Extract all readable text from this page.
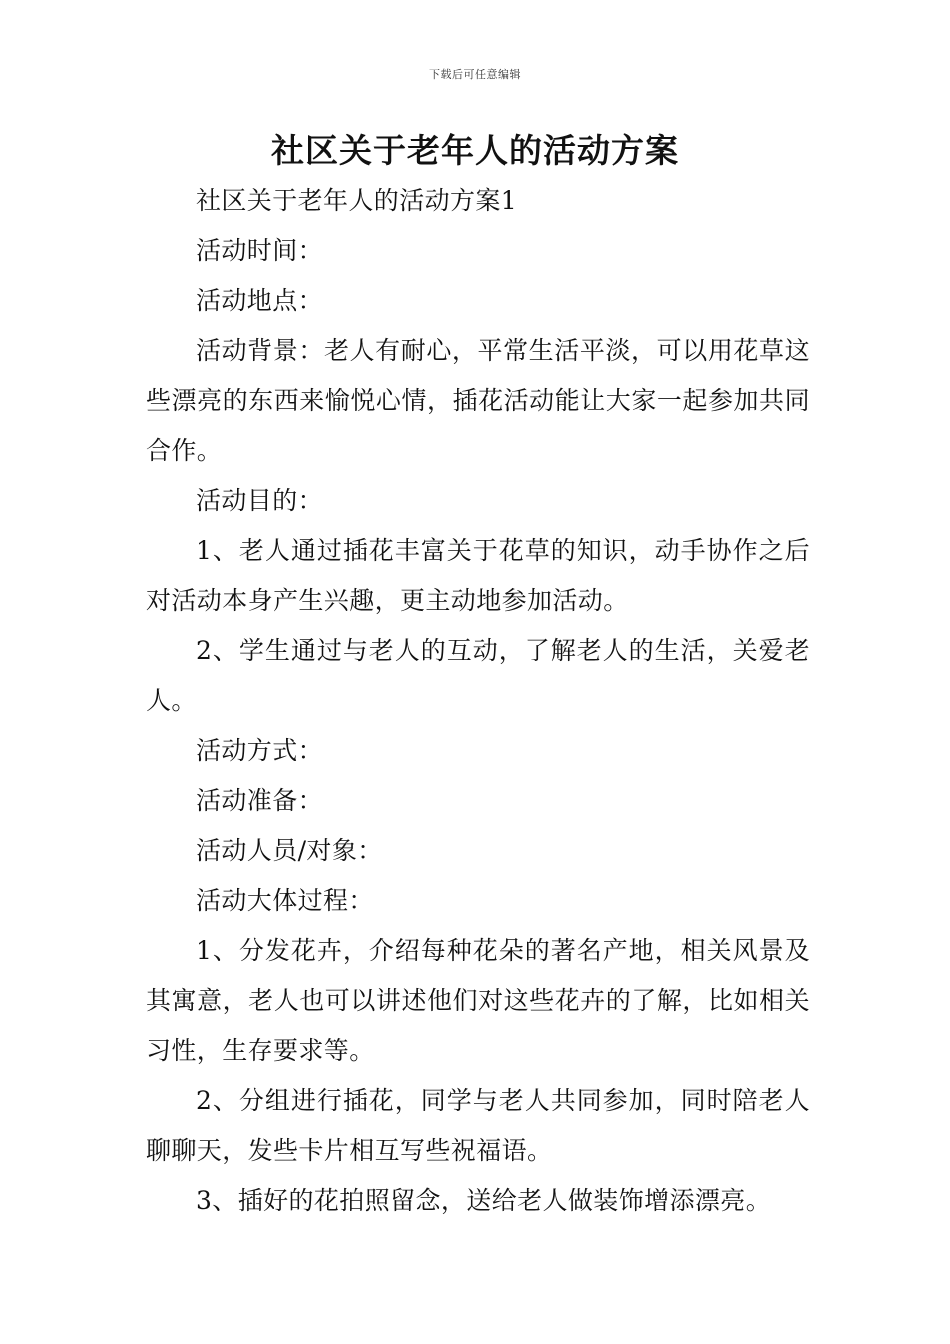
下载后可任意编辑
社区关于老年人的活动方案

社区关于老年人的活动方案1

活动时间：

活动地点：

活动背景：老人有耐心，平常生活平淡，可以用花草这些漂亮的东西来愉悦心情，插花活动能让大家一起参加共同合作。

活动目的：

1、老人通过插花丰富关于花草的知识，动手协作之后对活动本身产生兴趣，更主动地参加活动。

2、学生通过与老人的互动，了解老人的生活，关爱老人。

活动方式：

活动准备：

活动人员/对象：

活动大体过程：

1、分发花卉，介绍每种花朵的著名产地，相关风景及其寓意，老人也可以讲述他们对这些花卉的了解，比如相关习性，生存要求等。

2、分组进行插花，同学与老人共同参加，同时陪老人聊聊天，发些卡片相互写些祝福语。

3、插好的花拍照留念，送给老人做装饰增添漂亮。
